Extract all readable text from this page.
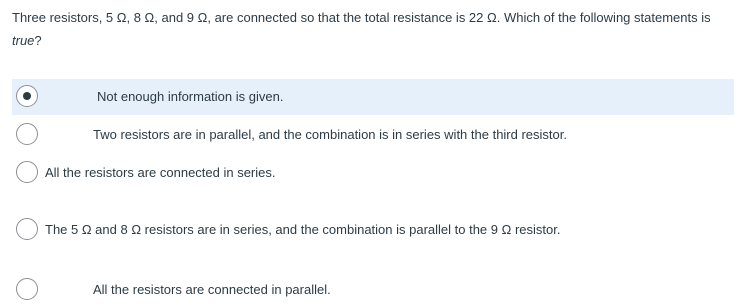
Three resistors, 5 Ω, 8 Ω, and 9 Ω, are connected so that the total resistance is 22 Ω. Which of the following statements is true?
Not enough information is given.
Two resistors are in parallel, and the combination is in series with the third resistor.
All the resistors are connected in series.
The 5 Ω and 8 Ω resistors are in series, and the combination is parallel to the 9 Ω resistor.
All the resistors are connected in parallel.
